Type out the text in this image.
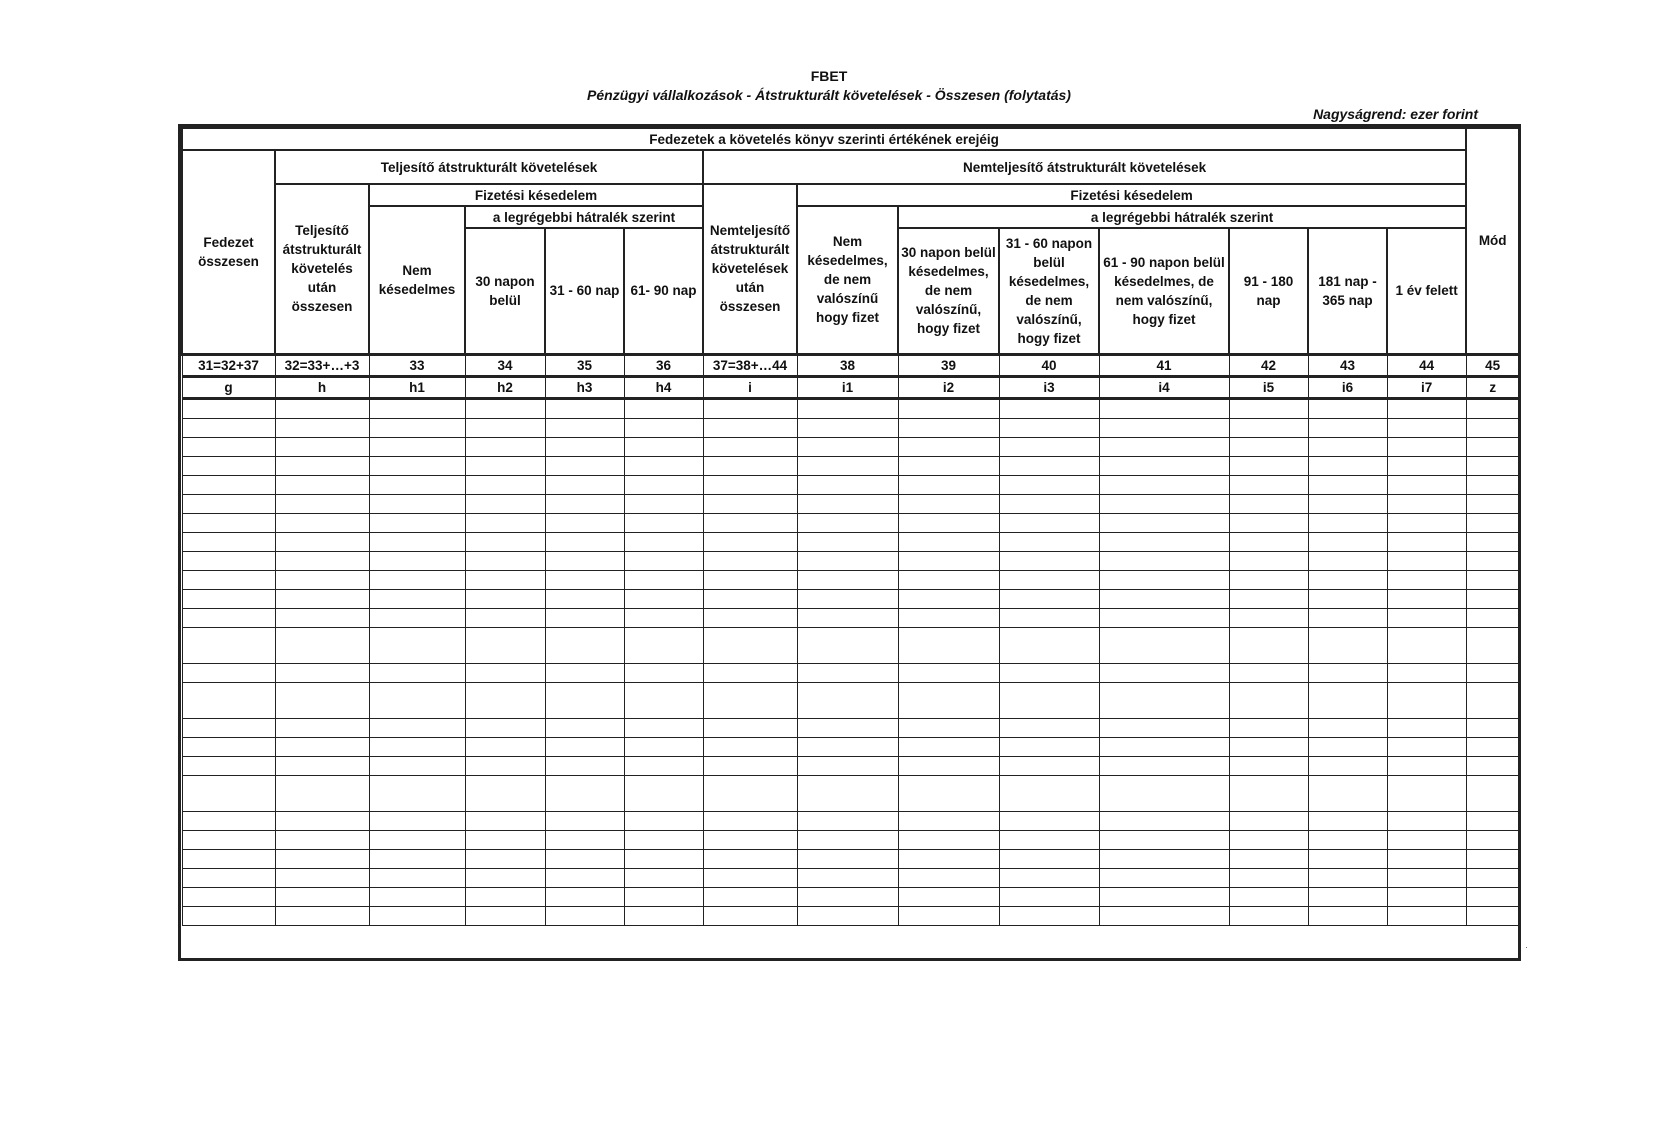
FBET
Pénzügyi vállalkozások - Átstrukturált követelések - Összesen (folytatás)
Nagyságrend: ezer forint
Fedezetek a követelés könyv szerinti értékének erejéig														Mód
Fedezet összesen	Teljesítő átstrukturált követelések					Nemteljesítő átstrukturált követelések								
	Teljesítő átstrukturált követelés után összesen	Fizetési késedelem				Nemteljesítő átstrukturált követelések után összesen	Fizetési késedelem							
		Nem késedelmes	a legrégebbi hátralék szerint				Nem késedelmes, de nem valószínű hogy fizet	a legrégebbi hátralék szerint						
			30 napon belül	31 - 60 nap	61- 90 nap			30 napon belül késedelmes, de nem valószínű, hogy fizet	31 - 60 napon belül késedelmes, de nem valószínű, hogy fizet	61 - 90 napon belül késedelmes, de nem valószínű, hogy fizet	91 - 180 nap	181 nap - 365 nap	1 év felett	
31=32+37	32=33+…+3	33	34	35	36	37=38+…44	38	39	40	41	42	43	44	45
g	h	h1	h2	h3	h4	i	i1	i2	i3	i4	i5	i6	i7	z

·
